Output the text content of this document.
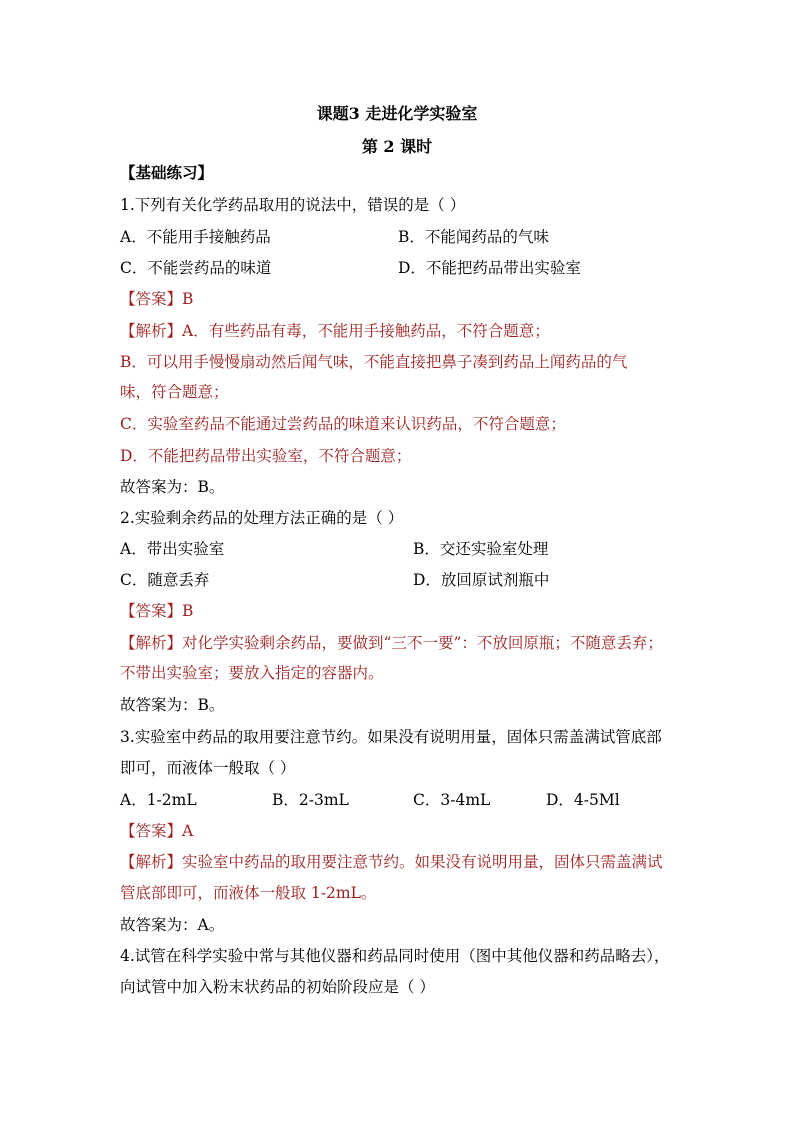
课题3 走进化学实验室
第 2 课时
【基础练习】
1.下列有关化学药品取用的说法中，错误的是（ ）
A．不能用手接触药品	B．不能闻药品的气味
C．不能尝药品的味道	D．不能把药品带出实验室
【答案】B
【解析】A．有些药品有毒，不能用手接触药品，不符合题意；
B．可以用手慢慢扇动然后闻气味，不能直接把鼻子凑到药品上闻药品的气
味，符合题意；
C．实验室药品不能通过尝药品的味道来认识药品，不符合题意；
D．不能把药品带出实验室，不符合题意；
故答案为：B。
2.实验剩余药品的处理方法正确的是（ ）
A．带出实验室	B．交还实验室处理
C．随意丢弃	D．放回原试剂瓶中
【答案】B
【解析】对化学实验剩余药品，要做到“三不一要”：不放回原瓶；不随意丢弃；
不带出实验室；要放入指定的容器内。
故答案为：B。
3.实验室中药品的取用要注意节约。如果没有说明用量，固体只需盖满试管底部
即可，而液体一般取（ ）
A．1-2mL	B．2-3mL	C．3-4mL	D．4-5Ml
【答案】A
【解析】实验室中药品的取用要注意节约。如果没有说明用量，固体只需盖满试
管底部即可，而液体一般取 1-2mL。
故答案为：A。
4.试管在科学实验中常与其他仪器和药品同时使用（图中其他仪器和药品略去），
向试管中加入粉末状药品的初始阶段应是（ ）
